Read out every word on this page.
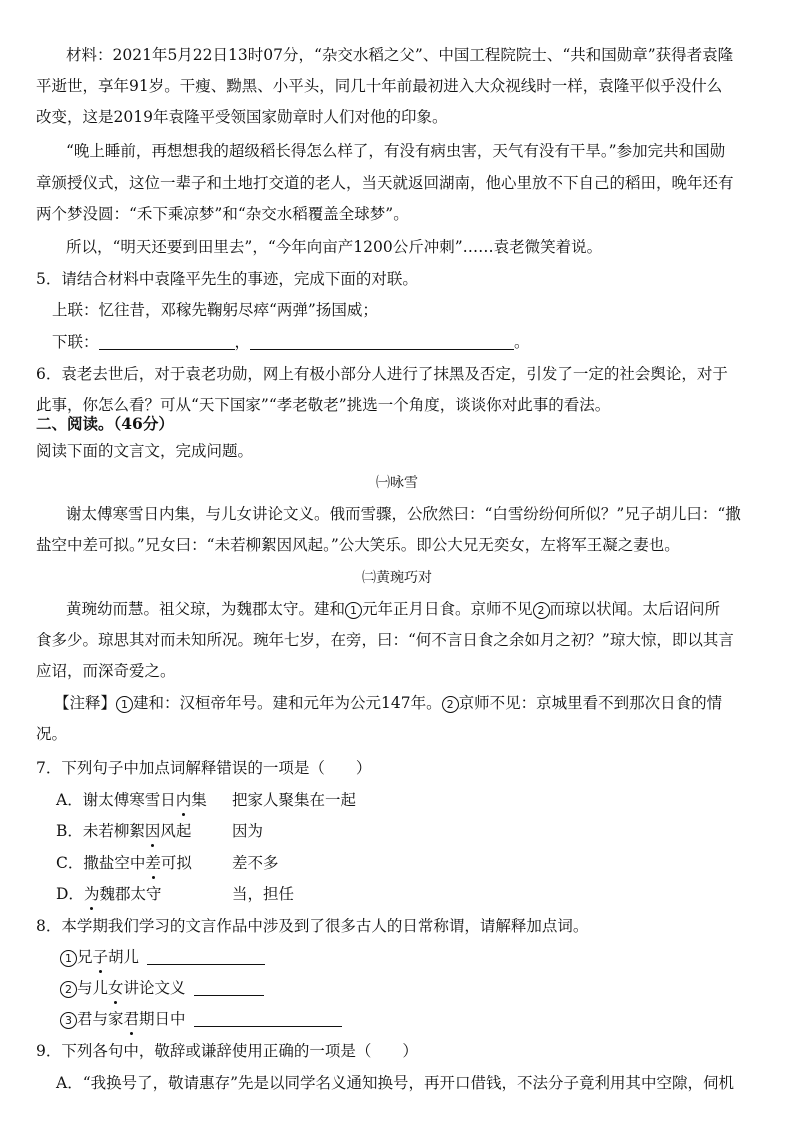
材料：2021年5月22日13时07分，“杂交水稻之父”、中国工程院院士、“共和国勋章”获得者袁隆
平逝世，享年91岁。干瘦、黝黑、小平头，同几十年前最初进入大众视线时一样，袁隆平似乎没什么
改变，这是2019年袁隆平受领国家勋章时人们对他的印象。
“晚上睡前，再想想我的超级稻长得怎么样了，有没有病虫害，天气有没有干旱。”参加完共和国勋
章颁授仪式，这位一辈子和土地打交道的老人，当天就返回湖南，他心里放不下自己的稻田，晚年还有
两个梦没圆：“禾下乘凉梦”和“杂交水稻覆盖全球梦”。
所以，“明天还要到田里去”，“今年向亩产1200公斤冲刺”……袁老微笑着说。
5．请结合材料中袁隆平先生的事迹，完成下面的对联。
上联：忆往昔，邓稼先鞠躬尽瘁“两弹”扬国威；
下联：	，	。
6．袁老去世后，对于袁老功勋，网上有极小部分人进行了抹黑及否定，引发了一定的社会舆论，对于
此事，你怎么看？可从“天下国家”“孝老敬老”挑选一个角度，谈谈你对此事的看法。
二、阅读。（46分）
阅读下面的文言文，完成问题。
㈠咏雪
谢太傅寒雪日内集，与儿女讲论文义。俄而雪骤，公欣然曰：“白雪纷纷何所似？”兄子胡儿曰：“撒
盐空中差可拟。”兄女曰：“未若柳絮因风起。”公大笑乐。即公大兄无奕女，左将军王凝之妻也。
㈡黄琬巧对
黄琬幼而慧。祖父琼，为魏郡太守。建和 1 元年正月日食。京师不见 2 而琼以状闻。太后诏问所
食多少。琼思其对而未知所况。琬年七岁，在旁，曰：“何不言日食之余如月之初？”琼大惊，即以其言
应诏，而深奇爱之。
【注释】 1 建和：汉桓帝年号。建和元年为公元147年。 2 京师不见：京城里看不到那次日食的情
况。
7．下列句子中加点词解释错误的一项是（　　）
A．谢太傅寒雪日内集 把家人聚集在一起
B．未若柳絮因风起	因为
C．撒盐空中差可拟	差不多
D．为魏郡太守	当，担任
8．本学期我们学习的文言作品中涉及到了很多古人的日常称谓，请解释加点词。
1 兄子胡儿
2 与儿女讲论文义
3 君与家君期日中
9．下列各句中，敬辞或谦辞使用正确的一项是（　　）
A．“我换号了，敬请惠存”先是以同学名义通知换号，再开口借钱，不法分子竟利用其中空隙，伺机
